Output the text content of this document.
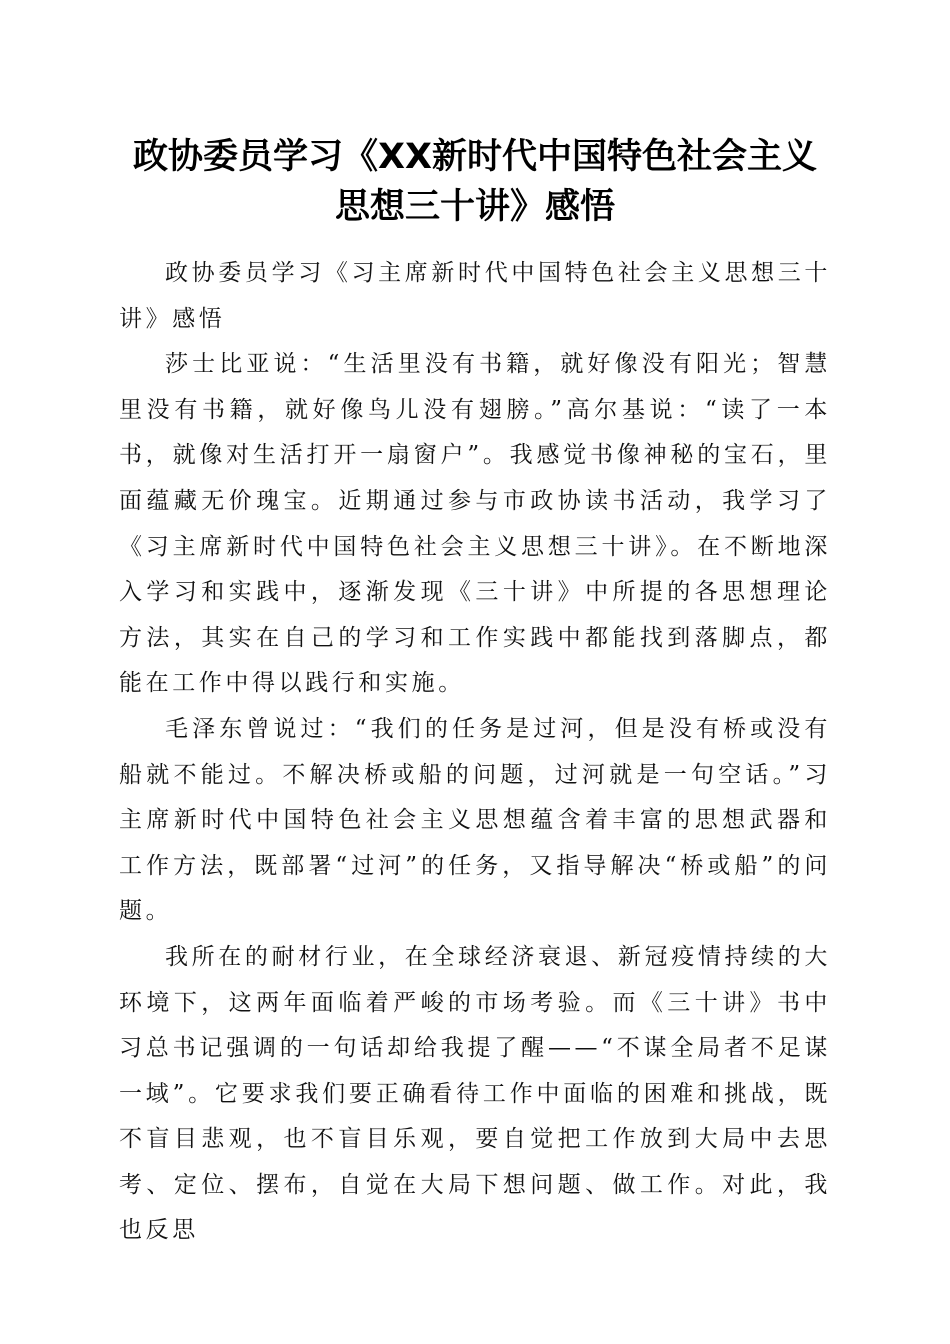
政协委员学习《XX新时代中国特色社会主义
思想三十讲》感悟

政协委员学习《习主席新时代中国特色社会主义思想三十讲》感悟

莎士比亚说：“生活里没有书籍，就好像没有阳光；智慧里没有书籍，就好像鸟儿没有翅膀。”高尔基说：“读了一本书，就像对生活打开一扇窗户”。我感觉书像神秘的宝石，里面蕴藏无价瑰宝。近期通过参与市政协读书活动，我学习了《习主席新时代中国特色社会主义思想三十讲》。在不断地深入学习和实践中，逐渐发现《三十讲》中所提的各思想理论方法，其实在自己的学习和工作实践中都能找到落脚点，都能在工作中得以践行和实施。

毛泽东曾说过：“我们的任务是过河，但是没有桥或没有船就不能过。不解决桥或船的问题，过河就是一句空话。”习主席新时代中国特色社会主义思想蕴含着丰富的思想武器和工作方法，既部署“过河”的任务，又指导解决“桥或船”的问题。

我所在的耐材行业，在全球经济衰退、新冠疫情持续的大环境下，这两年面临着严峻的市场考验。而《三十讲》书中习总书记强调的一句话却给我提了醒——“不谋全局者不足谋一域”。它要求我们要正确看待工作中面临的困难和挑战，既不盲目悲观，也不盲目乐观，要自觉把工作放到大局中去思考、定位、摆布，自觉在大局下想问题、做工作。对此，我也反思
